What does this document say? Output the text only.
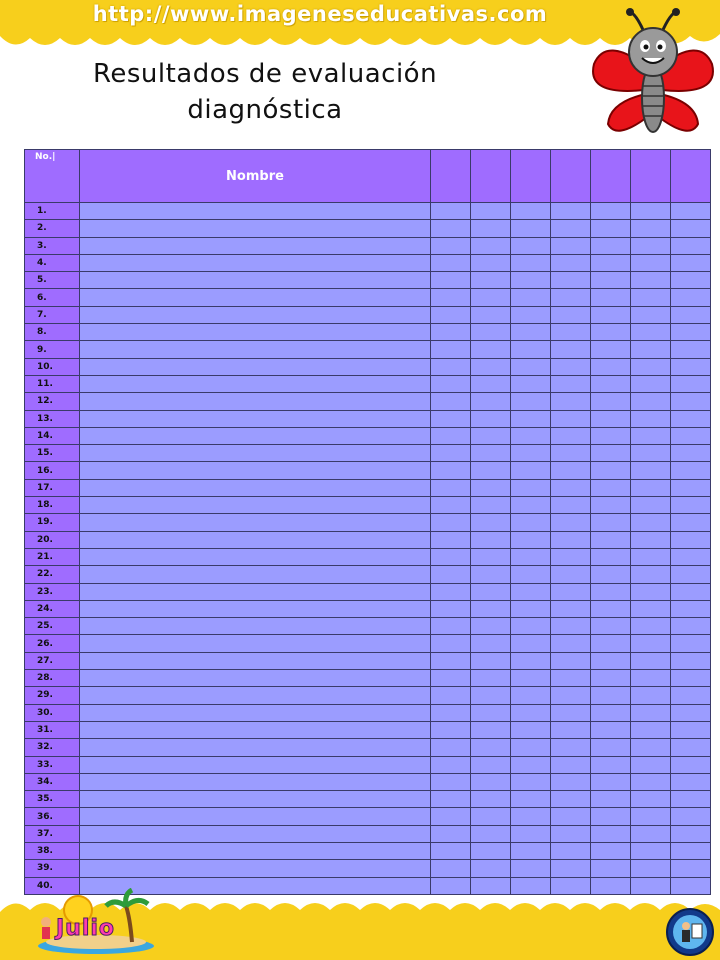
http://www.imageneseducativas.com
Resultados de evaluación
diagnóstica
No.|	Nombre							
1.								
2.								
3.								
4.								
5.								
6.								
7.								
8.								
9.								
10.								
11.								
12.								
13.								
14.								
15.								
16.								
17.								
18.								
19.								
20.								
21.								
22.								
23.								
24.								
25.								
26.								
27.								
28.								
29.								
30.								
31.								
32.								
33.								
34.								
35.								
36.								
37.								
38.								
39.								
40.								
Julio
